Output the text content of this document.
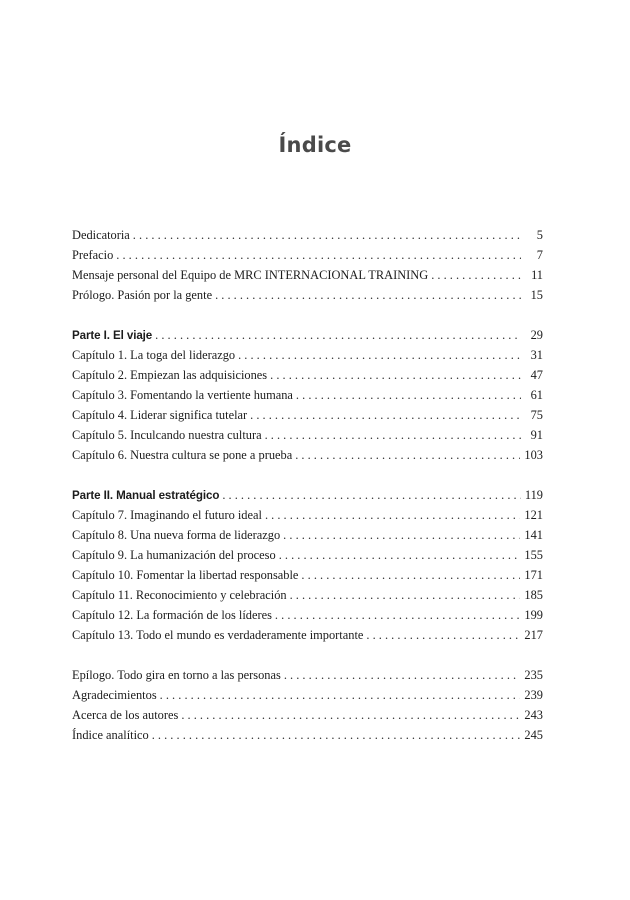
Índice
Dedicatoria . . .	5
Prefacio . . .	7
Mensaje personal del Equipo de MRC INTERNACIONAL TRAINING . . .	11
Prólogo. Pasión por la gente . . .	15
Parte I. El viaje . . .	29
Capítulo 1. La toga del liderazgo . . .	31
Capítulo 2. Empiezan las adquisiciones . . .	47
Capítulo 3. Fomentando la vertiente humana . . .	61
Capítulo 4. Liderar significa tutelar . . .	75
Capítulo 5. Inculcando nuestra cultura . . .	91
Capítulo 6. Nuestra cultura se pone a prueba . . .	103
Parte II. Manual estratégico . . .	119
Capítulo 7. Imaginando el futuro ideal . . .	121
Capítulo 8. Una nueva forma de liderazgo . . .	141
Capítulo 9. La humanización del proceso . . .	155
Capítulo 10. Fomentar la libertad responsable . . .	171
Capítulo 11. Reconocimiento y celebración . . .	185
Capítulo 12. La formación de los líderes . . .	199
Capítulo 13. Todo el mundo es verdaderamente importante . . .	217
Epílogo. Todo gira en torno a las personas . . .	235
Agradecimientos . . .	239
Acerca de los autores . . .	243
Índice analítico . . .	245
